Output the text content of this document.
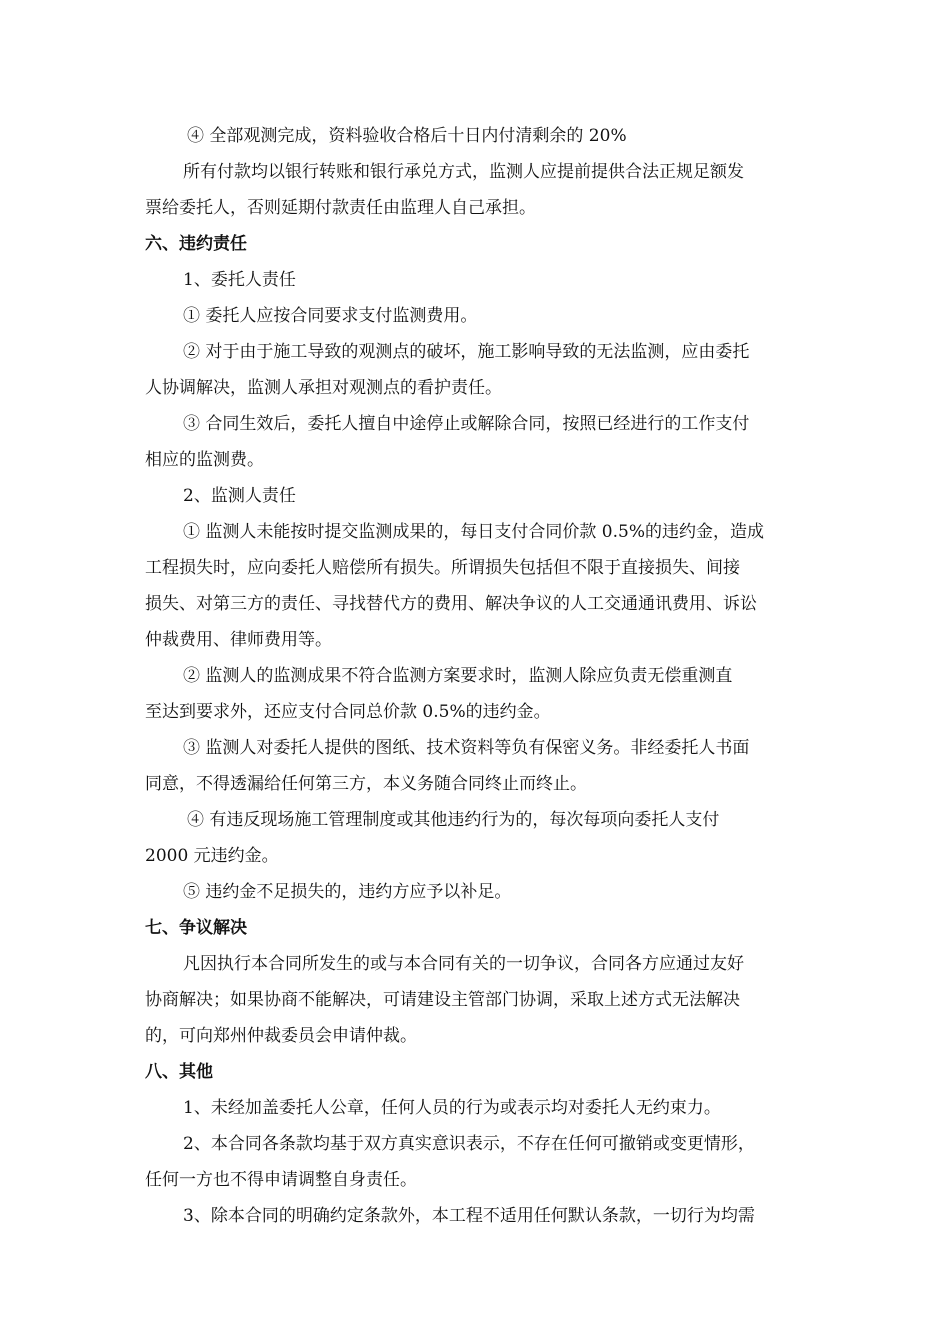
④ 全部观测完成，资料验收合格后十日内付清剩余的 20%
所有付款均以银行转账和银行承兑方式，监测人应提前提供合法正规足额发
票给委托人，否则延期付款责任由监理人自己承担。
六、违约责任
1、委托人责任
① 委托人应按合同要求支付监测费用。
② 对于由于施工导致的观测点的破坏，施工影响导致的无法监测，应由委托
人协调解决，监测人承担对观测点的看护责任。
③ 合同生效后，委托人擅自中途停止或解除合同，按照已经进行的工作支付
相应的监测费。
2、监测人责任
① 监测人未能按时提交监测成果的，每日支付合同价款 0.5%的违约金，造成
工程损失时，应向委托人赔偿所有损失。所谓损失包括但不限于直接损失、间接
损失、对第三方的责任、寻找替代方的费用、解决争议的人工交通通讯费用、诉讼
仲裁费用、律师费用等。
② 监测人的监测成果不符合监测方案要求时，监测人除应负责无偿重测直
至达到要求外，还应支付合同总价款 0.5%的违约金。
③ 监测人对委托人提供的图纸、技术资料等负有保密义务。非经委托人书面
同意，不得透漏给任何第三方，本义务随合同终止而终止。
④ 有违反现场施工管理制度或其他违约行为的，每次每项向委托人支付
2000 元违约金。
⑤ 违约金不足损失的，违约方应予以补足。
七、争议解决
凡因执行本合同所发生的或与本合同有关的一切争议，合同各方应通过友好
协商解决；如果协商不能解决，可请建设主管部门协调，采取上述方式无法解决
的，可向郑州仲裁委员会申请仲裁。
八、其他
1、未经加盖委托人公章，任何人员的行为或表示均对委托人无约束力。
2、本合同各条款均基于双方真实意识表示，不存在任何可撤销或变更情形，
任何一方也不得申请调整自身责任。
3、除本合同的明确约定条款外，本工程不适用任何默认条款，一切行为均需
